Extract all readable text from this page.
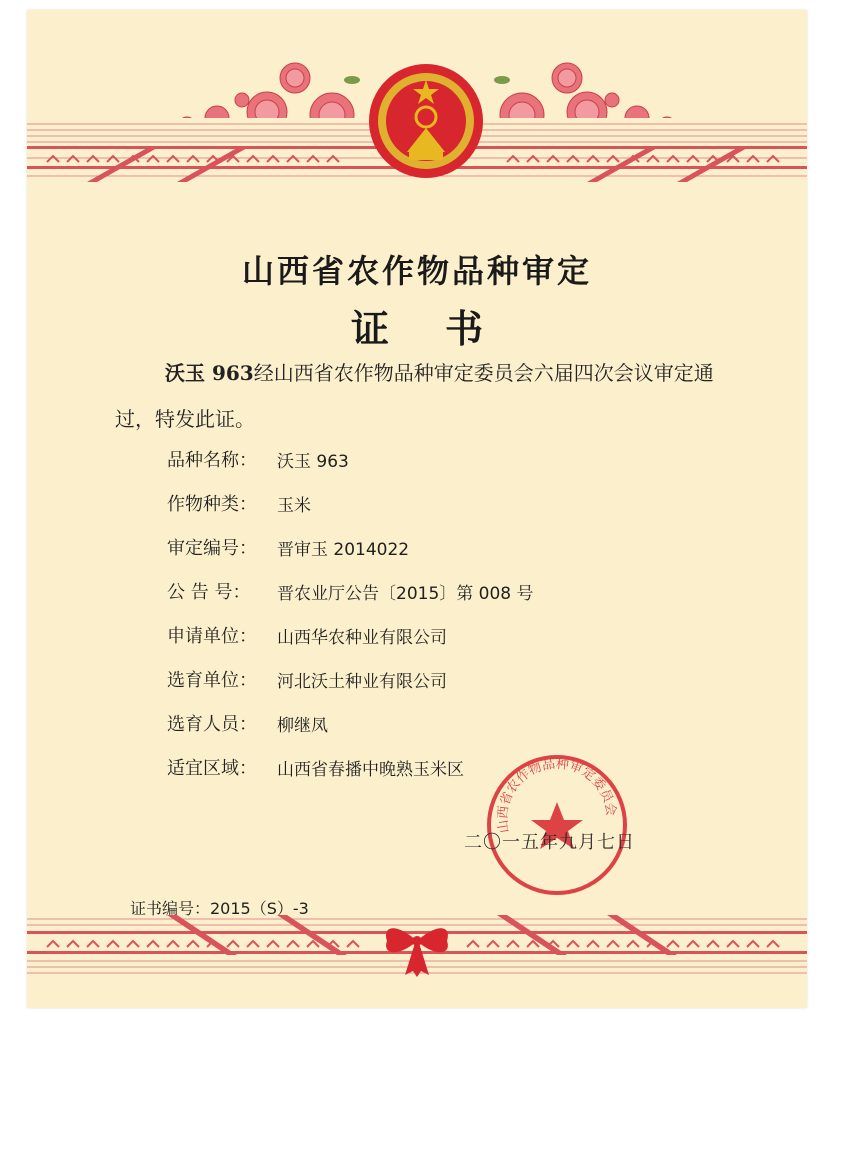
山西省农作物品种审定
证书
沃玉 963经山西省农作物品种审定委员会六届四次会议审定通过，特发此证。
品种名称：	沃玉 963
作物种类：	玉米
审定编号：	晋审玉 2014022
公 告 号：	晋农业厅公告〔2015〕第 008 号
申请单位：	山西华农种业有限公司
选育单位：	河北沃土种业有限公司
选育人员：	柳继凤
适宜区域：	山西省春播中晚熟玉米区
山西省农作物品种审定委员会
二〇一五年九月七日
证书编号：2015（S）-3
